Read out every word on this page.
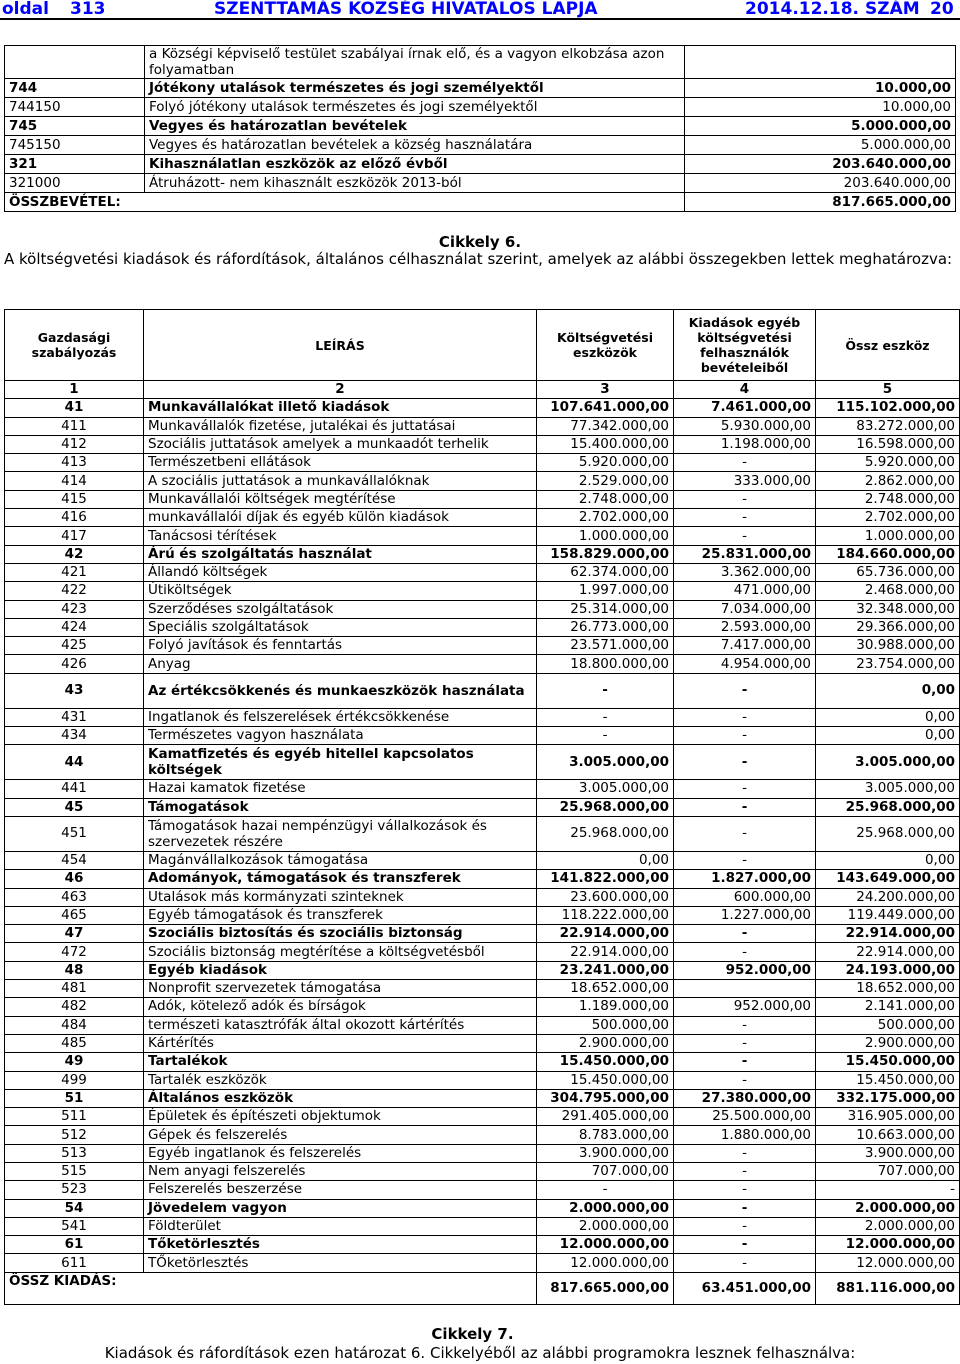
oldal 313	SZENTTAMÁS KÖZSÉG HIVATALOS LAPJA	2014.12.18. SZÁM 20
	a Községi képviselő testület szabályai írnak elő, és a vagyon elkobzása azon folyamatban	
744	Jótékony utalások természetes és jogi személyektől	10.000,00
744150	Folyó jótékony utalások természetes és jogi személyektől	10.000,00
745	Vegyes és határozatlan bevételek	5.000.000,00
745150	Vegyes és határozatlan bevételek a község használatára	5.000.000,00
321	Kihasználatlan eszközök az előző évből	203.640.000,00
321000	Átruházott- nem kihasznált eszközök 2013-ból	203.640.000,00
ÖSSZBEVÉTEL:		817.665.000,00
Cikkely 6.
A költségvetési kiadások és ráfordítások, általános célhasználat szerint, amelyek az alábbi összegekben lettek meghatározva:
Gazdasági szabályozás	LEÍRÁS	Költségvetési eszközök	Kiadások egyéb költségvetési felhasználók bevételeiből	Össz eszköz
1	2	3	4	5
41	Munkavállalókat illető kiadások	107.641.000,00	7.461.000,00	115.102.000,00
411	Munkavállalók fizetése, jutalékai és juttatásai	77.342.000,00	5.930.000,00	83.272.000,00
412	Szociális juttatások amelyek a munkaadót terhelik	15.400.000,00	1.198.000,00	16.598.000,00
413	Természetbeni ellátások	5.920.000,00	-	5.920.000,00
414	A szociális juttatások a munkavállalóknak	2.529.000,00	333.000,00	2.862.000,00
415	Munkavállalói költségek megtérítése	2.748.000,00	-	2.748.000,00
416	munkavállalói díjak és egyéb külön kiadások	2.702.000,00	-	2.702.000,00
417	Tanácsosi térítések	1.000.000,00	-	1.000.000,00
42	Árú és szolgáltatás használat	158.829.000,00	25.831.000,00	184.660.000,00
421	Állandó költségek	62.374.000,00	3.362.000,00	65.736.000,00
422	Útiköltségek	1.997.000,00	471.000,00	2.468.000,00
423	Szerződéses szolgáltatások	25.314.000,00	7.034.000,00	32.348.000,00
424	Speciális szolgáltatások	26.773.000,00	2.593.000,00	29.366.000,00
425	Folyó javítások és fenntartás	23.571.000,00	7.417.000,00	30.988.000,00
426	Anyag	18.800.000,00	4.954.000,00	23.754.000,00
43	Az értékcsökkenés és munkaeszközök használata	-	-	0,00
431	Ingatlanok és felszerelések értékcsökkenése	-	-	0,00
434	Természetes vagyon használata	-	-	0,00
44	Kamatfizetés és egyéb hitellel kapcsolatos költségek	3.005.000,00	-	3.005.000,00
441	Hazai kamatok fizetése	3.005.000,00	-	3.005.000,00
45	Támogatások	25.968.000,00	-	25.968.000,00
451	Támogatások hazai nempénzügyi vállalkozások és szervezetek részére	25.968.000,00	-	25.968.000,00
454	Magánvállalkozások támogatása	0,00	-	0,00
46	Adományok, támogatások és transzferek	141.822.000,00	1.827.000,00	143.649.000,00
463	Utalások más kormányzati szinteknek	23.600.000,00	600.000,00	24.200.000,00
465	Egyéb támogatások és transzferek	118.222.000,00	1.227.000,00	119.449.000,00
47	Szociális biztosítás és szociális biztonság	22.914.000,00	-	22.914.000,00
472	Szociális biztonság megtérítése a költségvetésből	22.914.000,00	-	22.914.000,00
48	Egyéb kiadások	23.241.000,00	952.000,00	24.193.000,00
481	Nonprofit szervezetek támogatása	18.652.000,00		18.652.000,00
482	Adók, kötelező adók és bírságok	1.189.000,00	952.000,00	2.141.000,00
484	természeti katasztrófák által okozott kártérítés	500.000,00	-	500.000,00
485	Kártérítés	2.900.000,00	-	2.900.000,00
49	Tartalékok	15.450.000,00	-	15.450.000,00
499	Tartalék eszközök	15.450.000,00	-	15.450.000,00
51	Általános eszközök	304.795.000,00	27.380.000,00	332.175.000,00
511	Épületek és építészeti objektumok	291.405.000,00	25.500.000,00	316.905.000,00
512	Gépek és felszerelés	8.783.000,00	1.880.000,00	10.663.000,00
513	Egyéb ingatlanok és felszerelés	3.900.000,00	-	3.900.000,00
515	Nem anyagi felszerelés	707.000,00	-	707.000,00
523	Felszerelés beszerzése	-	-	-
54	Jövedelem vagyon	2.000.000,00	-	2.000.000,00
541	Földterület	2.000.000,00	-	2.000.000,00
61	Tőketörlesztés	12.000.000,00	-	12.000.000,00
611	TŐketörlesztés	12.000.000,00	-	12.000.000,00
ÖSSZ KIADÁS:		817.665.000,00	63.451.000,00	881.116.000,00
Cikkely 7.
Kiadások és ráfordítások ezen határozat 6. Cikkelyéből az alábbi programokra lesznek felhasználva:
